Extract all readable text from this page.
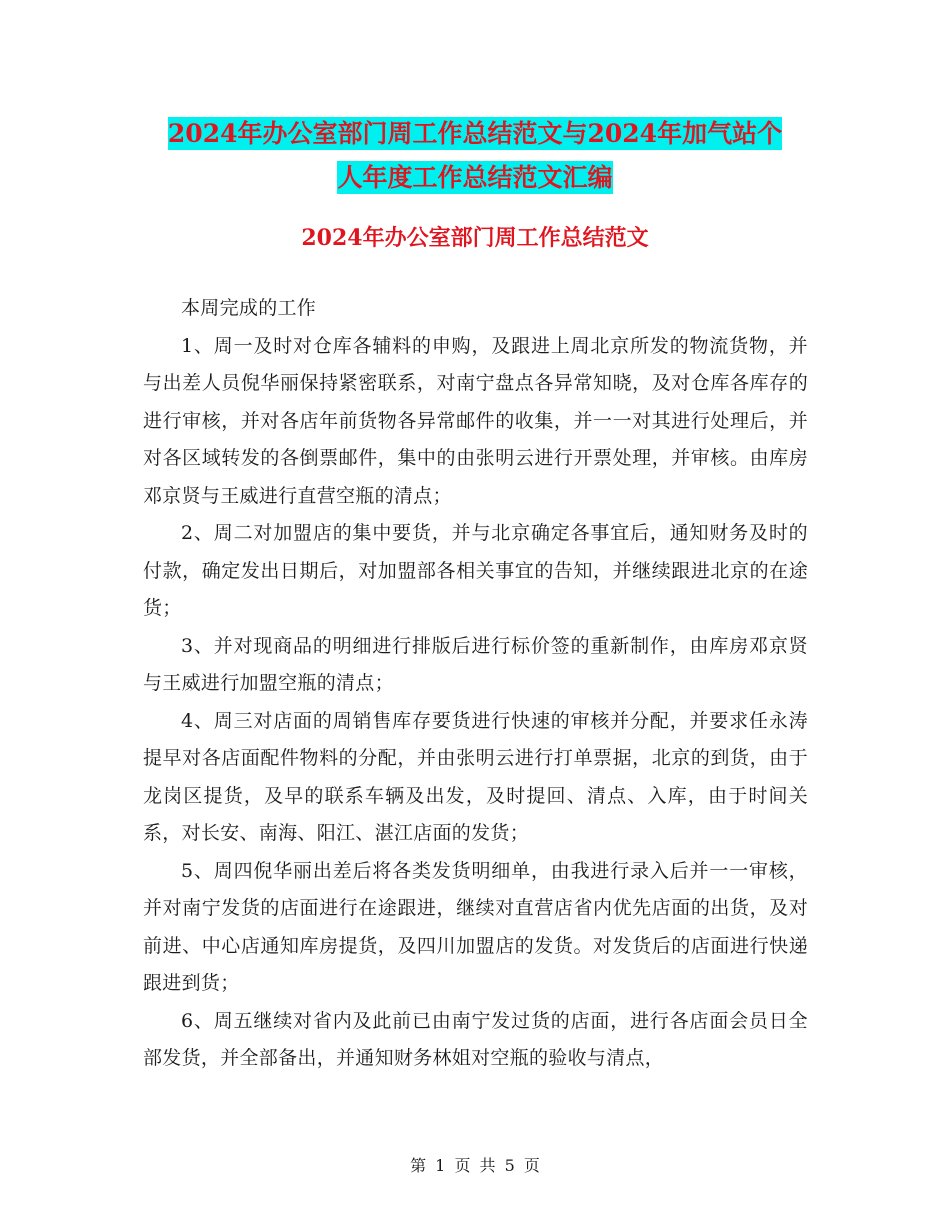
2024年办公室部门周工作总结范文与2024年加气站个
人年度工作总结范文汇编
2024年办公室部门周工作总结范文

本周完成的工作

1、周一及时对仓库各辅料的申购，及跟进上周北京所发的物流货物，并与出差人员倪华丽保持紧密联系，对南宁盘点各异常知晓，及对仓库各库存的进行审核，并对各店年前货物各异常邮件的收集，并一一对其进行处理后，并对各区域转发的各倒票邮件，集中的由张明云进行开票处理，并审核。由库房邓京贤与王威进行直营空瓶的清点；

2、周二对加盟店的集中要货，并与北京确定各事宜后，通知财务及时的付款，确定发出日期后，对加盟部各相关事宜的告知，并继续跟进北京的在途货；

3、并对现商品的明细进行排版后进行标价签的重新制作，由库房邓京贤与王威进行加盟空瓶的清点；

4、周三对店面的周销售库存要货进行快速的审核并分配，并要求任永涛提早对各店面配件物料的分配，并由张明云进行打单票据，北京的到货，由于龙岗区提货，及早的联系车辆及出发，及时提回、清点、入库，由于时间关系，对长安、南海、阳江、湛江店面的发货；

5、周四倪华丽出差后将各类发货明细单，由我进行录入后并一一审核，并对南宁发货的店面进行在途跟进，继续对直营店省内优先店面的出货，及对前进、中心店通知库房提货，及四川加盟店的发货。对发货后的店面进行快递跟进到货；

6、周五继续对省内及此前已由南宁发过货的店面，进行各店面会员日全部发货，并全部备出，并通知财务林姐对空瓶的验收与清点，

第 1 页 共 5 页
